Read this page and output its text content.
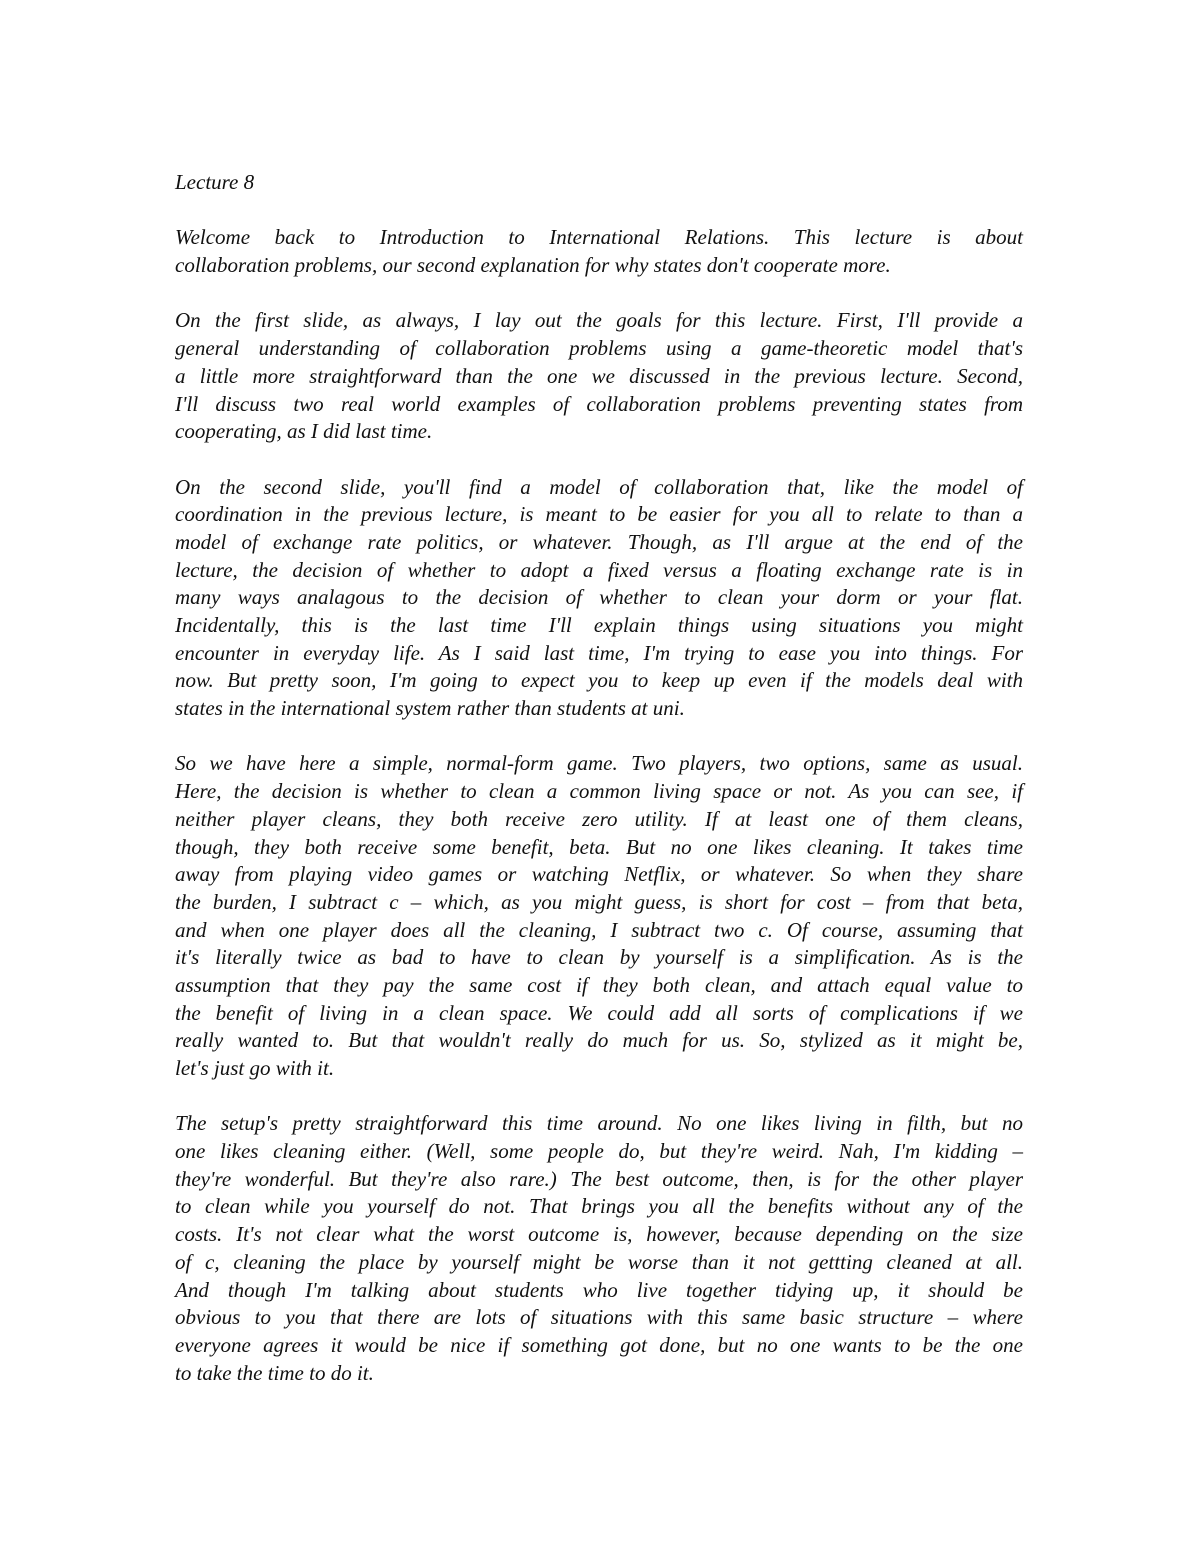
Lecture 8
Welcome back to Introduction to International Relations. This lecture is about
collaboration problems, our second explanation for why states don't cooperate more.
On the first slide, as always, I lay out the goals for this lecture. First, I'll provide a
general understanding of collaboration problems using a game-theoretic model that's
a little more straightforward than the one we discussed in the previous lecture. Second,
I'll discuss two real world examples of collaboration problems preventing states from
cooperating, as I did last time.
On the second slide, you'll find a model of collaboration that, like the model of
coordination in the previous lecture, is meant to be easier for you all to relate to than a
model of exchange rate politics, or whatever. Though, as I'll argue at the end of the
lecture, the decision of whether to adopt a fixed versus a floating exchange rate is in
many ways analagous to the decision of whether to clean your dorm or your flat.
Incidentally, this is the last time I'll explain things using situations you might
encounter in everyday life. As I said last time, I'm trying to ease you into things. For
now. But pretty soon, I'm going to expect you to keep up even if the models deal with
states in the international system rather than students at uni.
So we have here a simple, normal-form game. Two players, two options, same as usual.
Here, the decision is whether to clean a common living space or not. As you can see, if
neither player cleans, they both receive zero utility. If at least one of them cleans,
though, they both receive some benefit, beta. But no one likes cleaning. It takes time
away from playing video games or watching Netflix, or whatever. So when they share
the burden, I subtract c – which, as you might guess, is short for cost – from that beta,
and when one player does all the cleaning, I subtract two c. Of course, assuming that
it's literally twice as bad to have to clean by yourself is a simplification. As is the
assumption that they pay the same cost if they both clean, and attach equal value to
the benefit of living in a clean space. We could add all sorts of complications if we
really wanted to. But that wouldn't really do much for us. So, stylized as it might be,
let's just go with it.
The setup's pretty straightforward this time around. No one likes living in filth, but no
one likes cleaning either. (Well, some people do, but they're weird. Nah, I'm kidding –
they're wonderful. But they're also rare.) The best outcome, then, is for the other player
to clean while you yourself do not. That brings you all the benefits without any of the
costs. It's not clear what the worst outcome is, however, because depending on the size
of c, cleaning the place by yourself might be worse than it not gettting cleaned at all.
And though I'm talking about students who live together tidying up, it should be
obvious to you that there are lots of situations with this same basic structure – where
everyone agrees it would be nice if something got done, but no one wants to be the one
to take the time to do it.
